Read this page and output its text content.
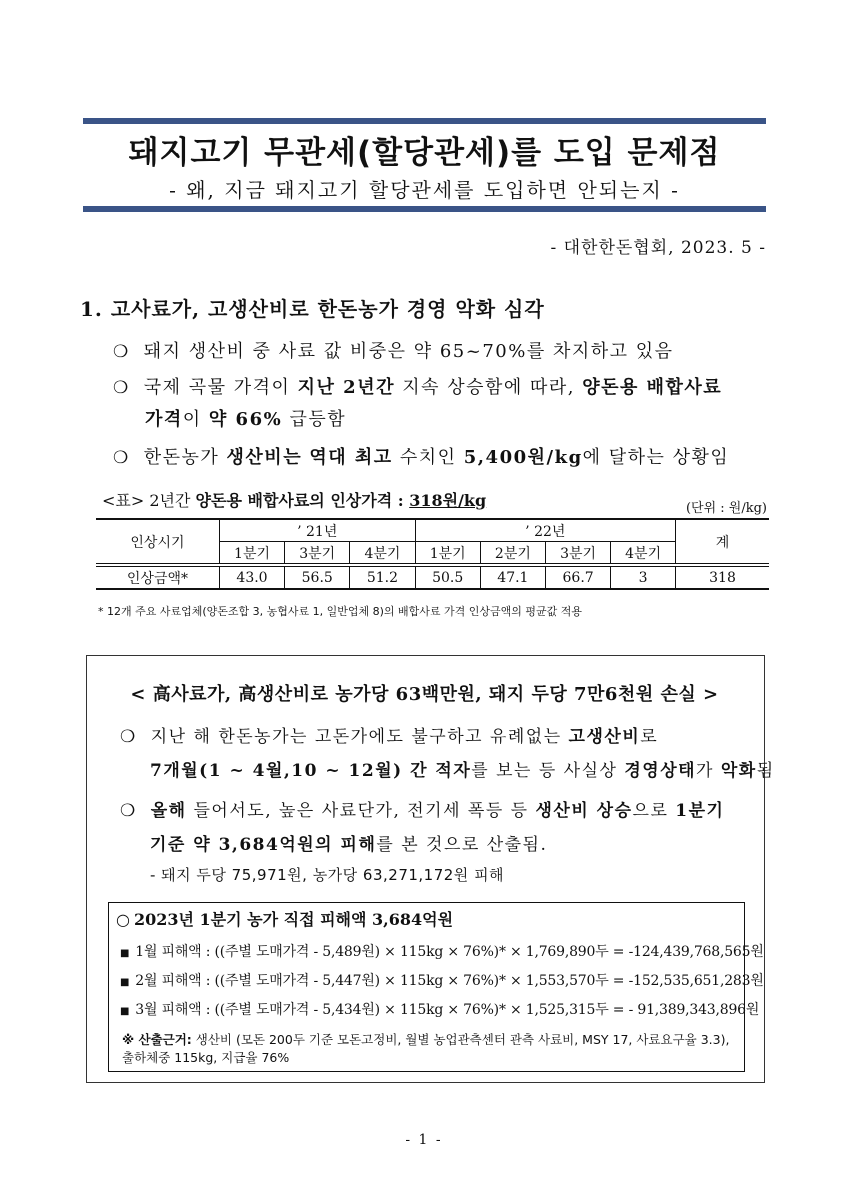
돼지고기 무관세(할당관세)를 도입 문제점
- 왜, 지금 돼지고기 할당관세를 도입하면 안되는지 -
- 대한한돈협회, 2023. 5 -
1. 고사료가, 고생산비로 한돈농가 경영 악화 심각
❍ 돼지 생산비 중 사료 값 비중은 약 65~70%를 차지하고 있음
❍ 국제 곡물 가격이 지난 2년간 지속 상승함에 따라, 양돈용 배합사료
가격이 약 66% 급등함
❍ 한돈농가 생산비는 역대 최고 수치인 5,400원/kg에 달하는 상황임
<표> 2년간 양돈용 배합사료의 인상가격 : 318원/kg	(단위 : 원/kg)
인상시기	’ 21년			’ 22년				계
	1분기	3분기	4분기	1분기	2분기	3분기	4분기	

인상금액*	43.0	56.5	51.2	50.5	47.1	66.7	3	318
* 12개 주요 사료업체(양돈조합 3, 농협사료 1, 일반업체 8)의 배합사료 가격 인상금액의 평균값 적용
< 高사료가, 高생산비로 농가당 63백만원, 돼지 두당 7만6천원 손실 >
❍ 지난 해 한돈농가는 고돈가에도 불구하고 유례없는 고생산비로
7개월(1 ~ 4월,10 ~ 12월) 간 적자를 보는 등 사실상 경영상태가 악화됨
❍ 올해 들어서도, 높은 사료단가, 전기세 폭등 등 생산비 상승으로 1분기
기준 약 3,684억원의 피해를 본 것으로 산출됨.
- 돼지 두당 75,971원, 농가당 63,271,172원 피해
○ 2023년 1분기 농가 직접 피해액 3,684억원
■ 1월 피해액 : ((주별 도매가격 - 5,489원) × 115kg × 76%)* × 1,769,890두 = -124,439,768,565원
■ 2월 피해액 : ((주별 도매가격 - 5,447원) × 115kg × 76%)* × 1,553,570두 = -152,535,651,283원
■ 3월 피해액 : ((주별 도매가격 - 5,434원) × 115kg × 76%)* × 1,525,315두 = - 91,389,343,896원
※ 산출근거: 생산비 (모돈 200두 기준 모돈고정비, 월별 농업관측센터 관측 사료비, MSY 17, 사료요구율 3.3), 출하체중 115kg, 지급율 76%
- 1 -
